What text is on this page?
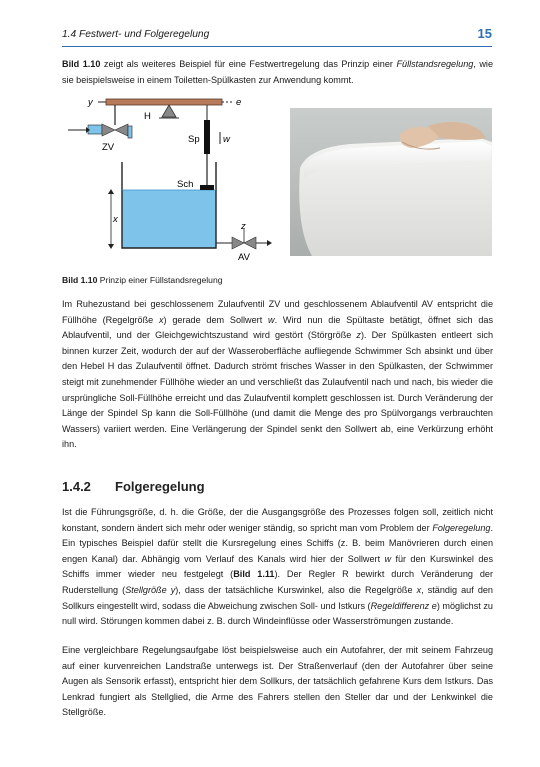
1.4 Festwert- und Folgeregelung	15

Bild 1.10 zeigt als weiteres Beispiel für eine Festwertregelung das Prinzip einer Füllstandsregelung, wie sie beispielsweise in einem Toiletten-Spülkasten zur Anwendung kommt.

y	e
H
Sp w
ZV
Sch
x
z
AV
Bild 1.10 Prinzip einer Füllstandsregelung

Im Ruhezustand bei geschlossenem Zulaufventil ZV und geschlossenem Ablaufventil AV entspricht die Füllhöhe (Regelgröße x) gerade dem Sollwert w. Wird nun die Spültaste betätigt, öffnet sich das Ablaufventil, und der Gleichgewichtszustand wird gestört (Störgröße z). Der Spülkasten entleert sich binnen kurzer Zeit, wodurch der auf der Wasseroberfläche aufliegende Schwimmer Sch absinkt und über den Hebel H das Zulaufventil öffnet. Dadurch strömt frisches Wasser in den Spülkasten, der Schwimmer steigt mit zunehmender Füllhöhe wieder an und verschließt das Zulaufventil nach und nach, bis wieder die ursprüngliche Soll-Füllhöhe erreicht und das Zulaufventil komplett geschlossen ist. Durch Veränderung der Länge der Spindel Sp kann die Soll-Füllhöhe (und damit die Menge des pro Spülvorgangs verbrauchten Wassers) variiert werden. Eine Verlängerung der Spindel senkt den Sollwert ab, eine Verkürzung erhöht ihn.

1.4.2 Folgeregelung

Ist die Führungsgröße, d. h. die Größe, der die Ausgangsgröße des Prozesses folgen soll, zeitlich nicht konstant, sondern ändert sich mehr oder weniger ständig, so spricht man vom Problem der Folgeregelung. Ein typisches Beispiel dafür stellt die Kursregelung eines Schiffs (z. B. beim Manövrieren durch einen engen Kanal) dar. Abhängig vom Verlauf des Kanals wird hier der Sollwert w für den Kurswinkel des Schiffs immer wieder neu festgelegt (Bild 1.11). Der Regler R bewirkt durch Veränderung der Ruderstellung (Stellgröße y), dass der tatsächliche Kurswinkel, also die Regelgröße x, ständig auf den Sollkurs eingestellt wird, sodass die Abweichung zwischen Soll- und Istkurs (Regeldifferenz e) möglichst zu null wird. Störungen kommen dabei z. B. durch Windeinflüsse oder Wasserströmungen zustande.

Eine vergleichbare Regelungsaufgabe löst beispielsweise auch ein Autofahrer, der mit seinem Fahrzeug auf einer kurvenreichen Landstraße unterwegs ist. Der Straßenverlauf (den der Autofahrer über seine Augen als Sensorik erfasst), entspricht hier dem Sollkurs, der tatsächlich gefahrene Kurs dem Istkurs. Das Lenkrad fungiert als Stellglied, die Arme des Fahrers stellen den Steller dar und der Lenkwinkel die Stellgröße.
